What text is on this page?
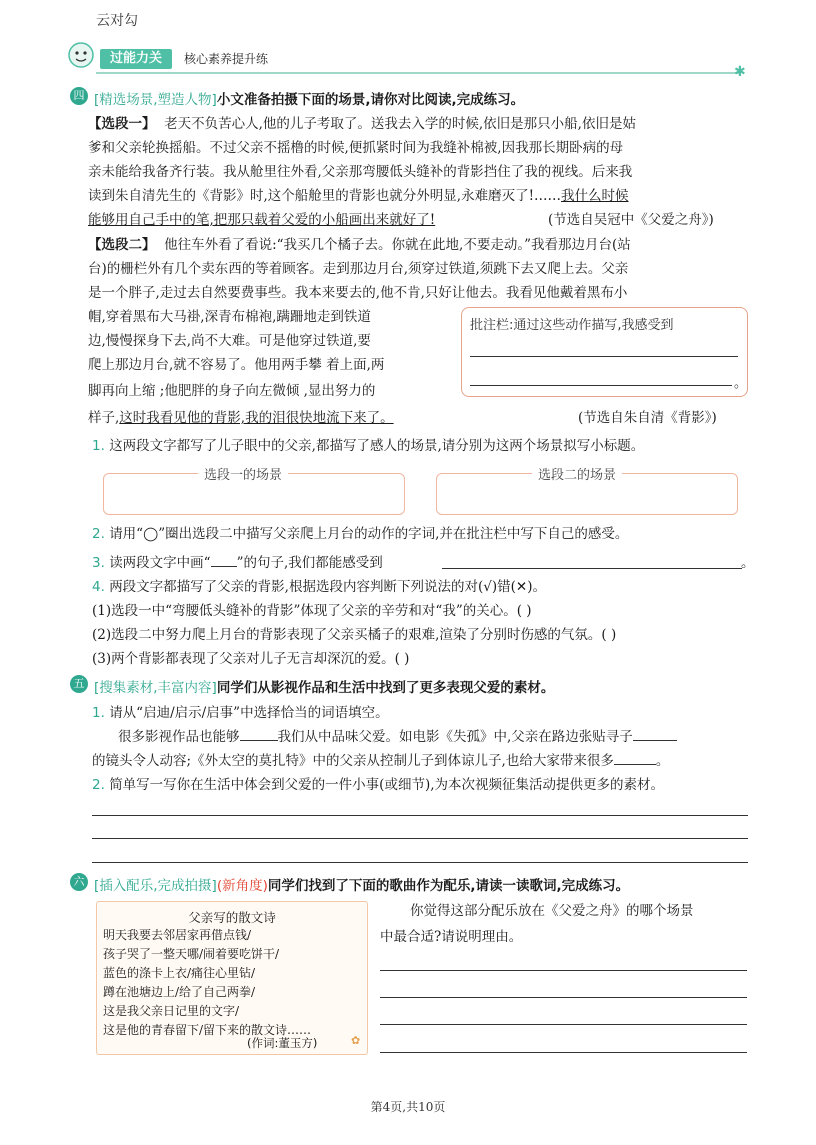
云对勾
过能力关	核心素养提升练
✱
四 [精选场景,塑造人物]小文准备拍摄下面的场景,请你对比阅读,完成练习。
【选段一】 老天不负苦心人,他的儿子考取了。送我去入学的时候,依旧是那只小船,依旧是姑
爹和父亲轮换摇船。不过父亲不摇橹的时候,便抓紧时间为我缝补棉被,因我那长期卧病的母
亲未能给我备齐行装。我从舱里往外看,父亲那弯腰低头缝补的背影挡住了我的视线。后来我
读到朱自清先生的《背影》时,这个船舱里的背影也就分外明显,永难磨灭了!……我什么时候
能够用自己手中的笔,把那只载着父爱的小船画出来就好了!	(节选自吴冠中《父爱之舟》)
【选段二】 他往车外看了看说:“我买几个橘子去。你就在此地,不要走动。”我看那边月台(站
台)的栅栏外有几个卖东西的等着顾客。走到那边月台,须穿过铁道,须跳下去又爬上去。父亲
是一个胖子,走过去自然要费事些。我本来要去的,他不肯,只好让他去。我看见他戴着黑布小
帽,穿着黑布大马褂,深青布棉袍,蹒跚地走到铁道
边,慢慢探身下去,尚不大难。可是他穿过铁道,要
爬上那边月台,就不容易了。他用两手攀 着上面,两
脚再向上缩 ;他肥胖的身子向左微倾 ,显出努力的
样子,这时我看见他的背影,我的泪很快地流下来了。	(节选自朱自清《背影》)
批注栏:通过这些动作描写,我感受到
。
1. 这两段文字都写了儿子眼中的父亲,都描写了感人的场景,请分别为这两个场景拟写小标题。
选段一的场景	选段二的场景
2. 请用“◯”圈出选段二中描写父亲爬上月台的动作的字词,并在批注栏中写下自己的感受。
3. 读两段文字中画“ ”的句子,我们都能感受到	。
4. 两段文字都描写了父亲的背影,根据选段内容判断下列说法的对(√)错(✕)。
(1)选段一中“弯腰低头缝补的背影”体现了父亲的辛劳和对“我”的关心。( )
(2)选段二中努力爬上月台的背影表现了父亲买橘子的艰难,渲染了分别时伤感的气氛。( )
(3)两个背影都表现了父亲对儿子无言却深沉的爱。( )
五 [搜集素材,丰富内容]同学们从影视作品和生活中找到了更多表现父爱的素材。
1. 请从“启迪/启示/启事”中选择恰当的词语填空。
很多影视作品也能够	我们从中品味父爱。如电影《失孤》中,父亲在路边张贴寻子
的镜头令人动容;《外太空的莫扎特》中的父亲从控制儿子到体谅儿子,也给大家带来很多	。
2. 简单写一写你在生活中体会到父爱的一件小事(或细节),为本次视频征集活动提供更多的素材。
六 [插入配乐,完成拍摄](新角度)同学们找到了下面的歌曲作为配乐,请读一读歌词,完成练习。
父亲写的散文诗
明天我要去邻居家再借点钱/
孩子哭了一整天哪/闹着要吃饼干/
蓝色的涤卡上衣/痛往心里钻/
蹲在池塘边上/给了自己两拳/
这是我父亲日记里的文字/
这是他的青春留下/留下来的散文诗……
(作词:董玉方)	✿
你觉得这部分配乐放在《父爱之舟》的哪个场景
中最合适?请说明理由。
第4页,共10页
